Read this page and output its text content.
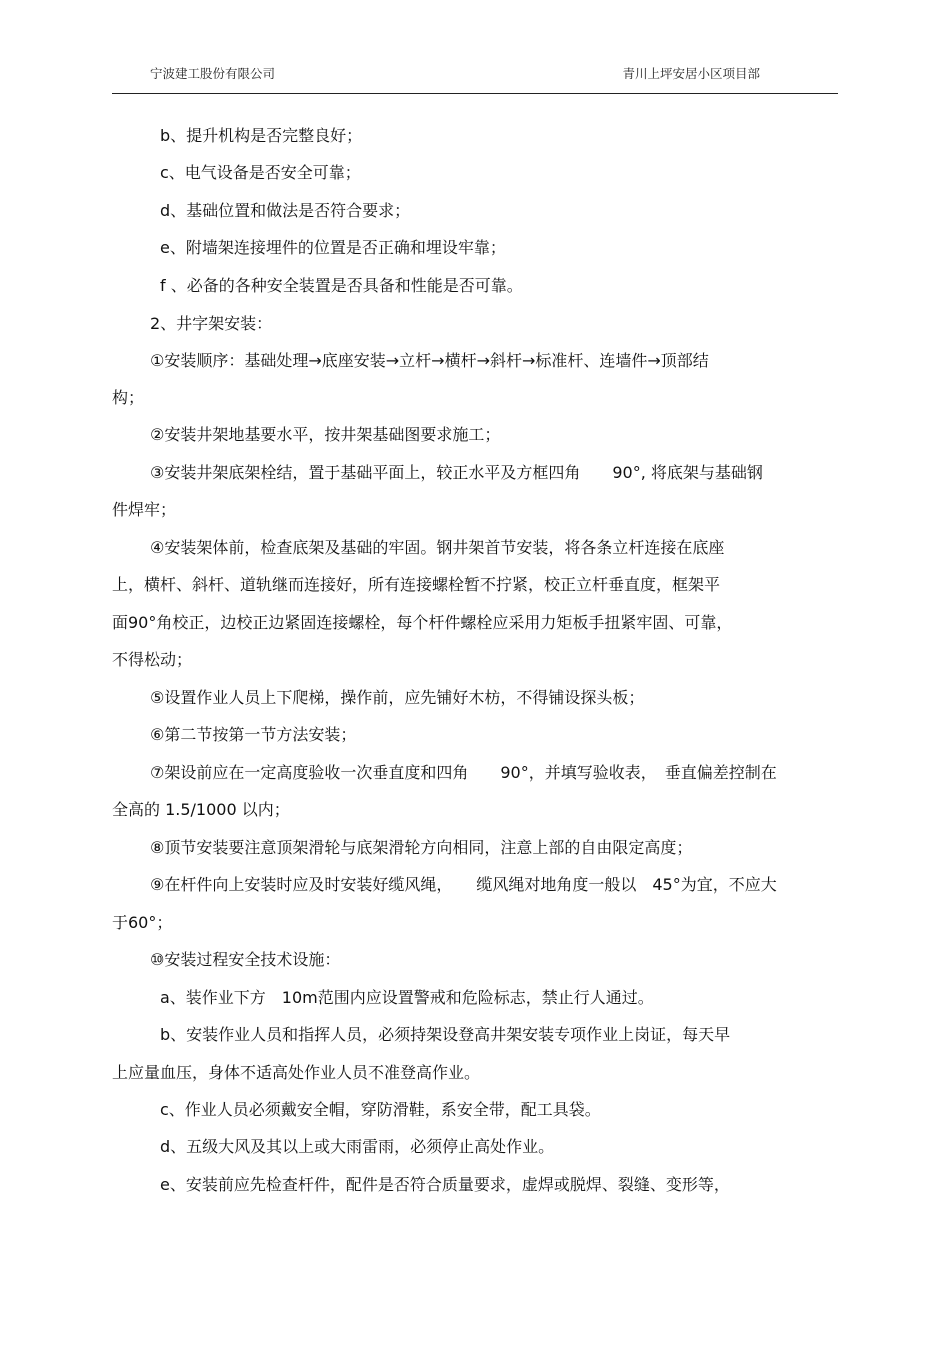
宁波建工股份有限公司	青川上坪安居小区项目部
b、提升机构是否完整良好；
c、电气设备是否安全可靠；
d、基础位置和做法是否符合要求；
e、附墙架连接埋件的位置是否正确和埋设牢靠；
f 、必备的各种安全装置是否具备和性能是否可靠。
2、井字架安装：
①安装顺序：基础处理→底座安装→立杆→横杆→斜杆→标准杆、连墙件→顶部结
构；
②安装井架地基要水平，按井架基础图要求施工；
③安装井架底架栓结，置于基础平面上，较正水平及方框四角　　90°, 将底架与基础钢
件焊牢；
④安装架体前，检查底架及基础的牢固。钢井架首节安装，将各条立杆连接在底座
上，横杆、斜杆、道轨继而连接好，所有连接螺栓暂不拧紧，校正立杆垂直度，框架平
面90°角校正，边校正边紧固连接螺栓，每个杆件螺栓应采用力矩板手扭紧牢固、可靠，
不得松动；
⑤设置作业人员上下爬梯，操作前，应先铺好木枋，不得铺设探头板；
⑥第二节按第一节方法安装；
⑦架设前应在一定高度验收一次垂直度和四角　　90°，并填写验收表，　垂直偏差控制在
全高的 1.5/1000 以内；
⑧顶节安装要注意顶架滑轮与底架滑轮方向相同，注意上部的自由限定高度；
⑨在杆件向上安装时应及时安装好缆风绳，　　缆风绳对地角度一般以　45°为宜，不应大
于60°；
⑩安装过程安全技术设施：
a、装作业下方　10m范围内应设置警戒和危险标志，禁止行人通过。
b、安装作业人员和指挥人员，必须持架设登高井架安装专项作业上岗证，每天早
上应量血压，身体不适高处作业人员不准登高作业。
c、作业人员必须戴安全帽，穿防滑鞋，系安全带，配工具袋。
d、五级大风及其以上或大雨雷雨，必须停止高处作业。
e、安装前应先检查杆件，配件是否符合质量要求，虚焊或脱焊、裂缝、变形等，
